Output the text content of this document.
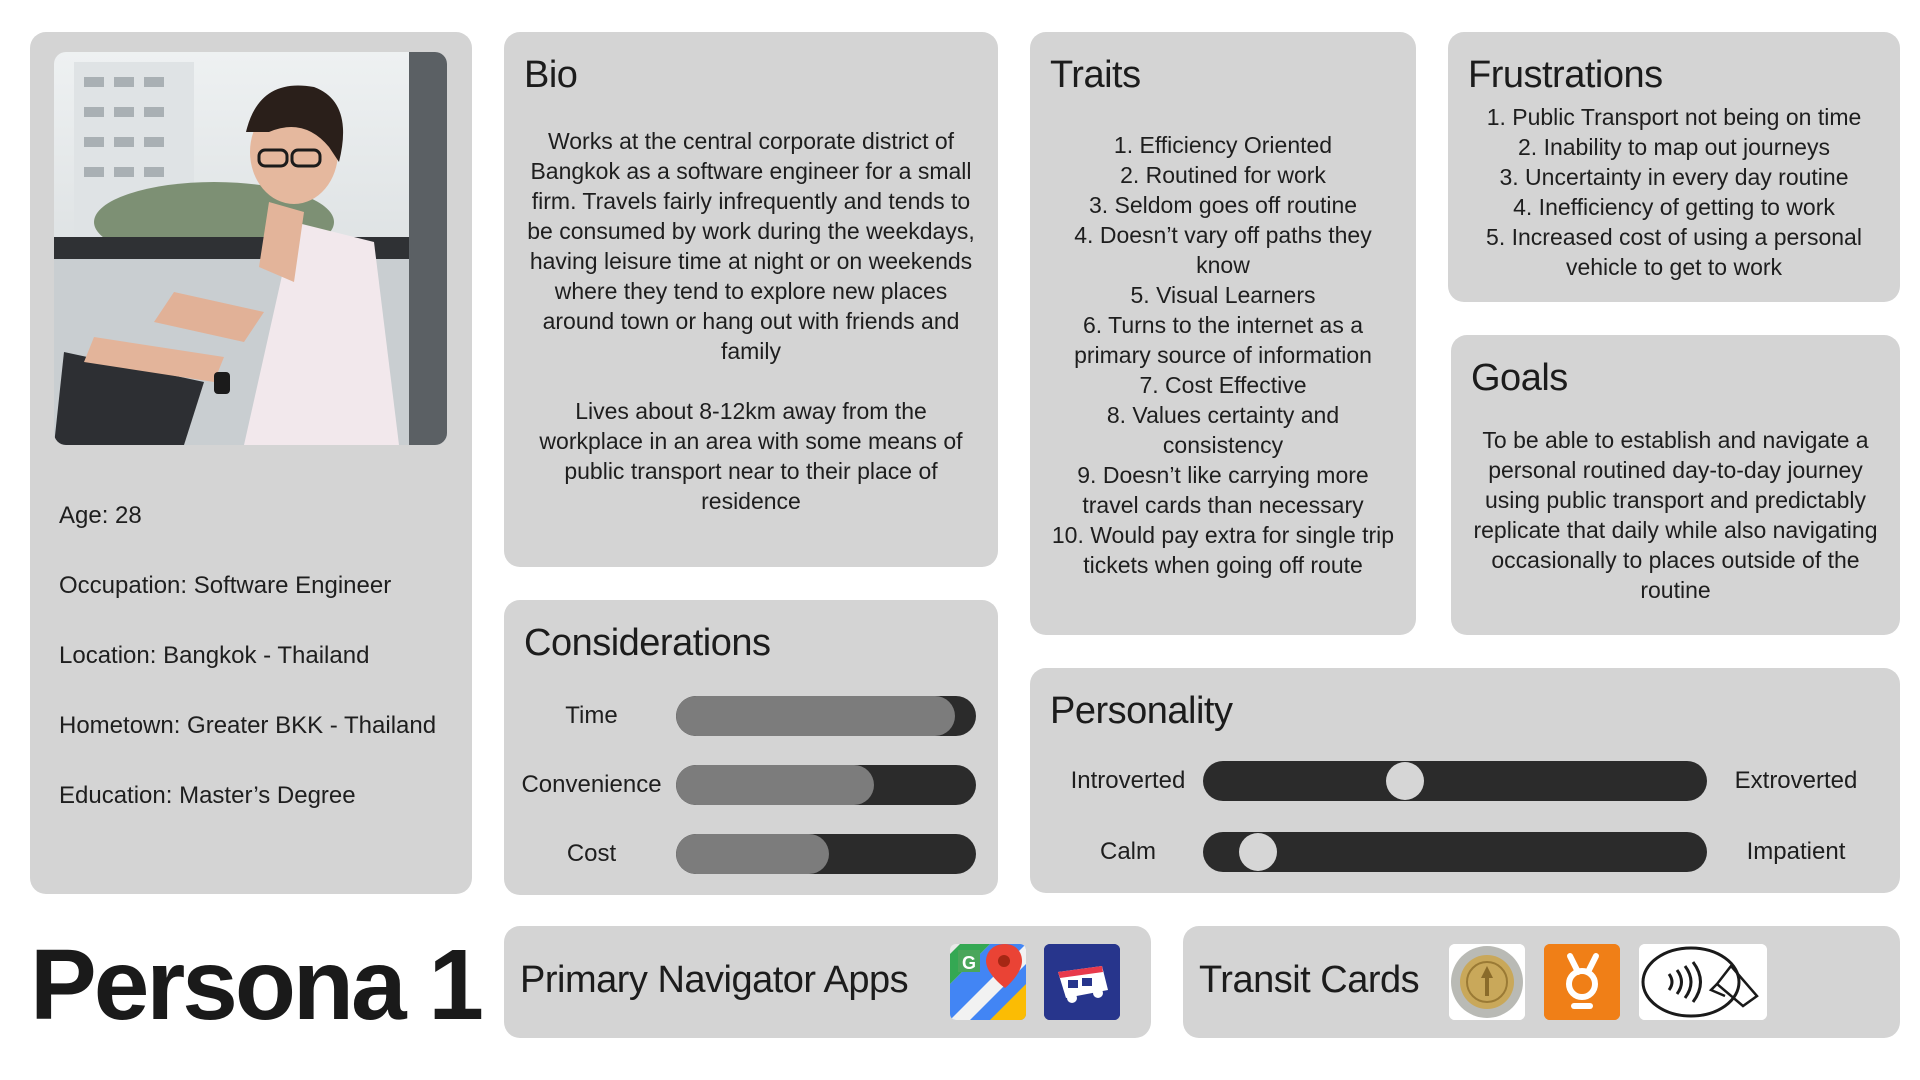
Age: 28
Occupation: Software Engineer
Location: Bangkok - Thailand
Hometown: Greater BKK - Thailand
Education: Master’s Degree
Bio

Works at the central corporate district of Bangkok as a software engineer for a small firm. Travels fairly infrequently and tends to be consumed by work during the weekdays, having leisure time at night or on weekends where they tend to explore new places around town or hang out with friends and family

Lives about 8-12km away from the workplace in an area with some means of public transport near to their place of residence

Considerations
Time
Convenience
Cost
Traits
1. Efficiency Oriented
2. Routined for work
3. Seldom goes off routine
4. Doesn’t vary off paths they know
5. Visual Learners
6. Turns to the internet as a primary source of information
7. Cost Effective
8. Values certainty and consistency
9. Doesn’t like carrying more travel cards than necessary
10. Would pay extra for single trip tickets when going off route
Frustrations
1. Public Transport not being on time
2. Inability to map out journeys
3. Uncertainty in every day routine
4. Inefficiency of getting to work
5. Increased cost of using a personal vehicle to get to work
Goals
To be able to establish and navigate a personal routined day-to-day journey using public transport and predictably replicate that daily while also navigating occasionally to places outside of the routine
Personality
Introverted	Extroverted
Calm	Impatient
Persona 1 Primary Navigator Apps	G	Transit Cards
